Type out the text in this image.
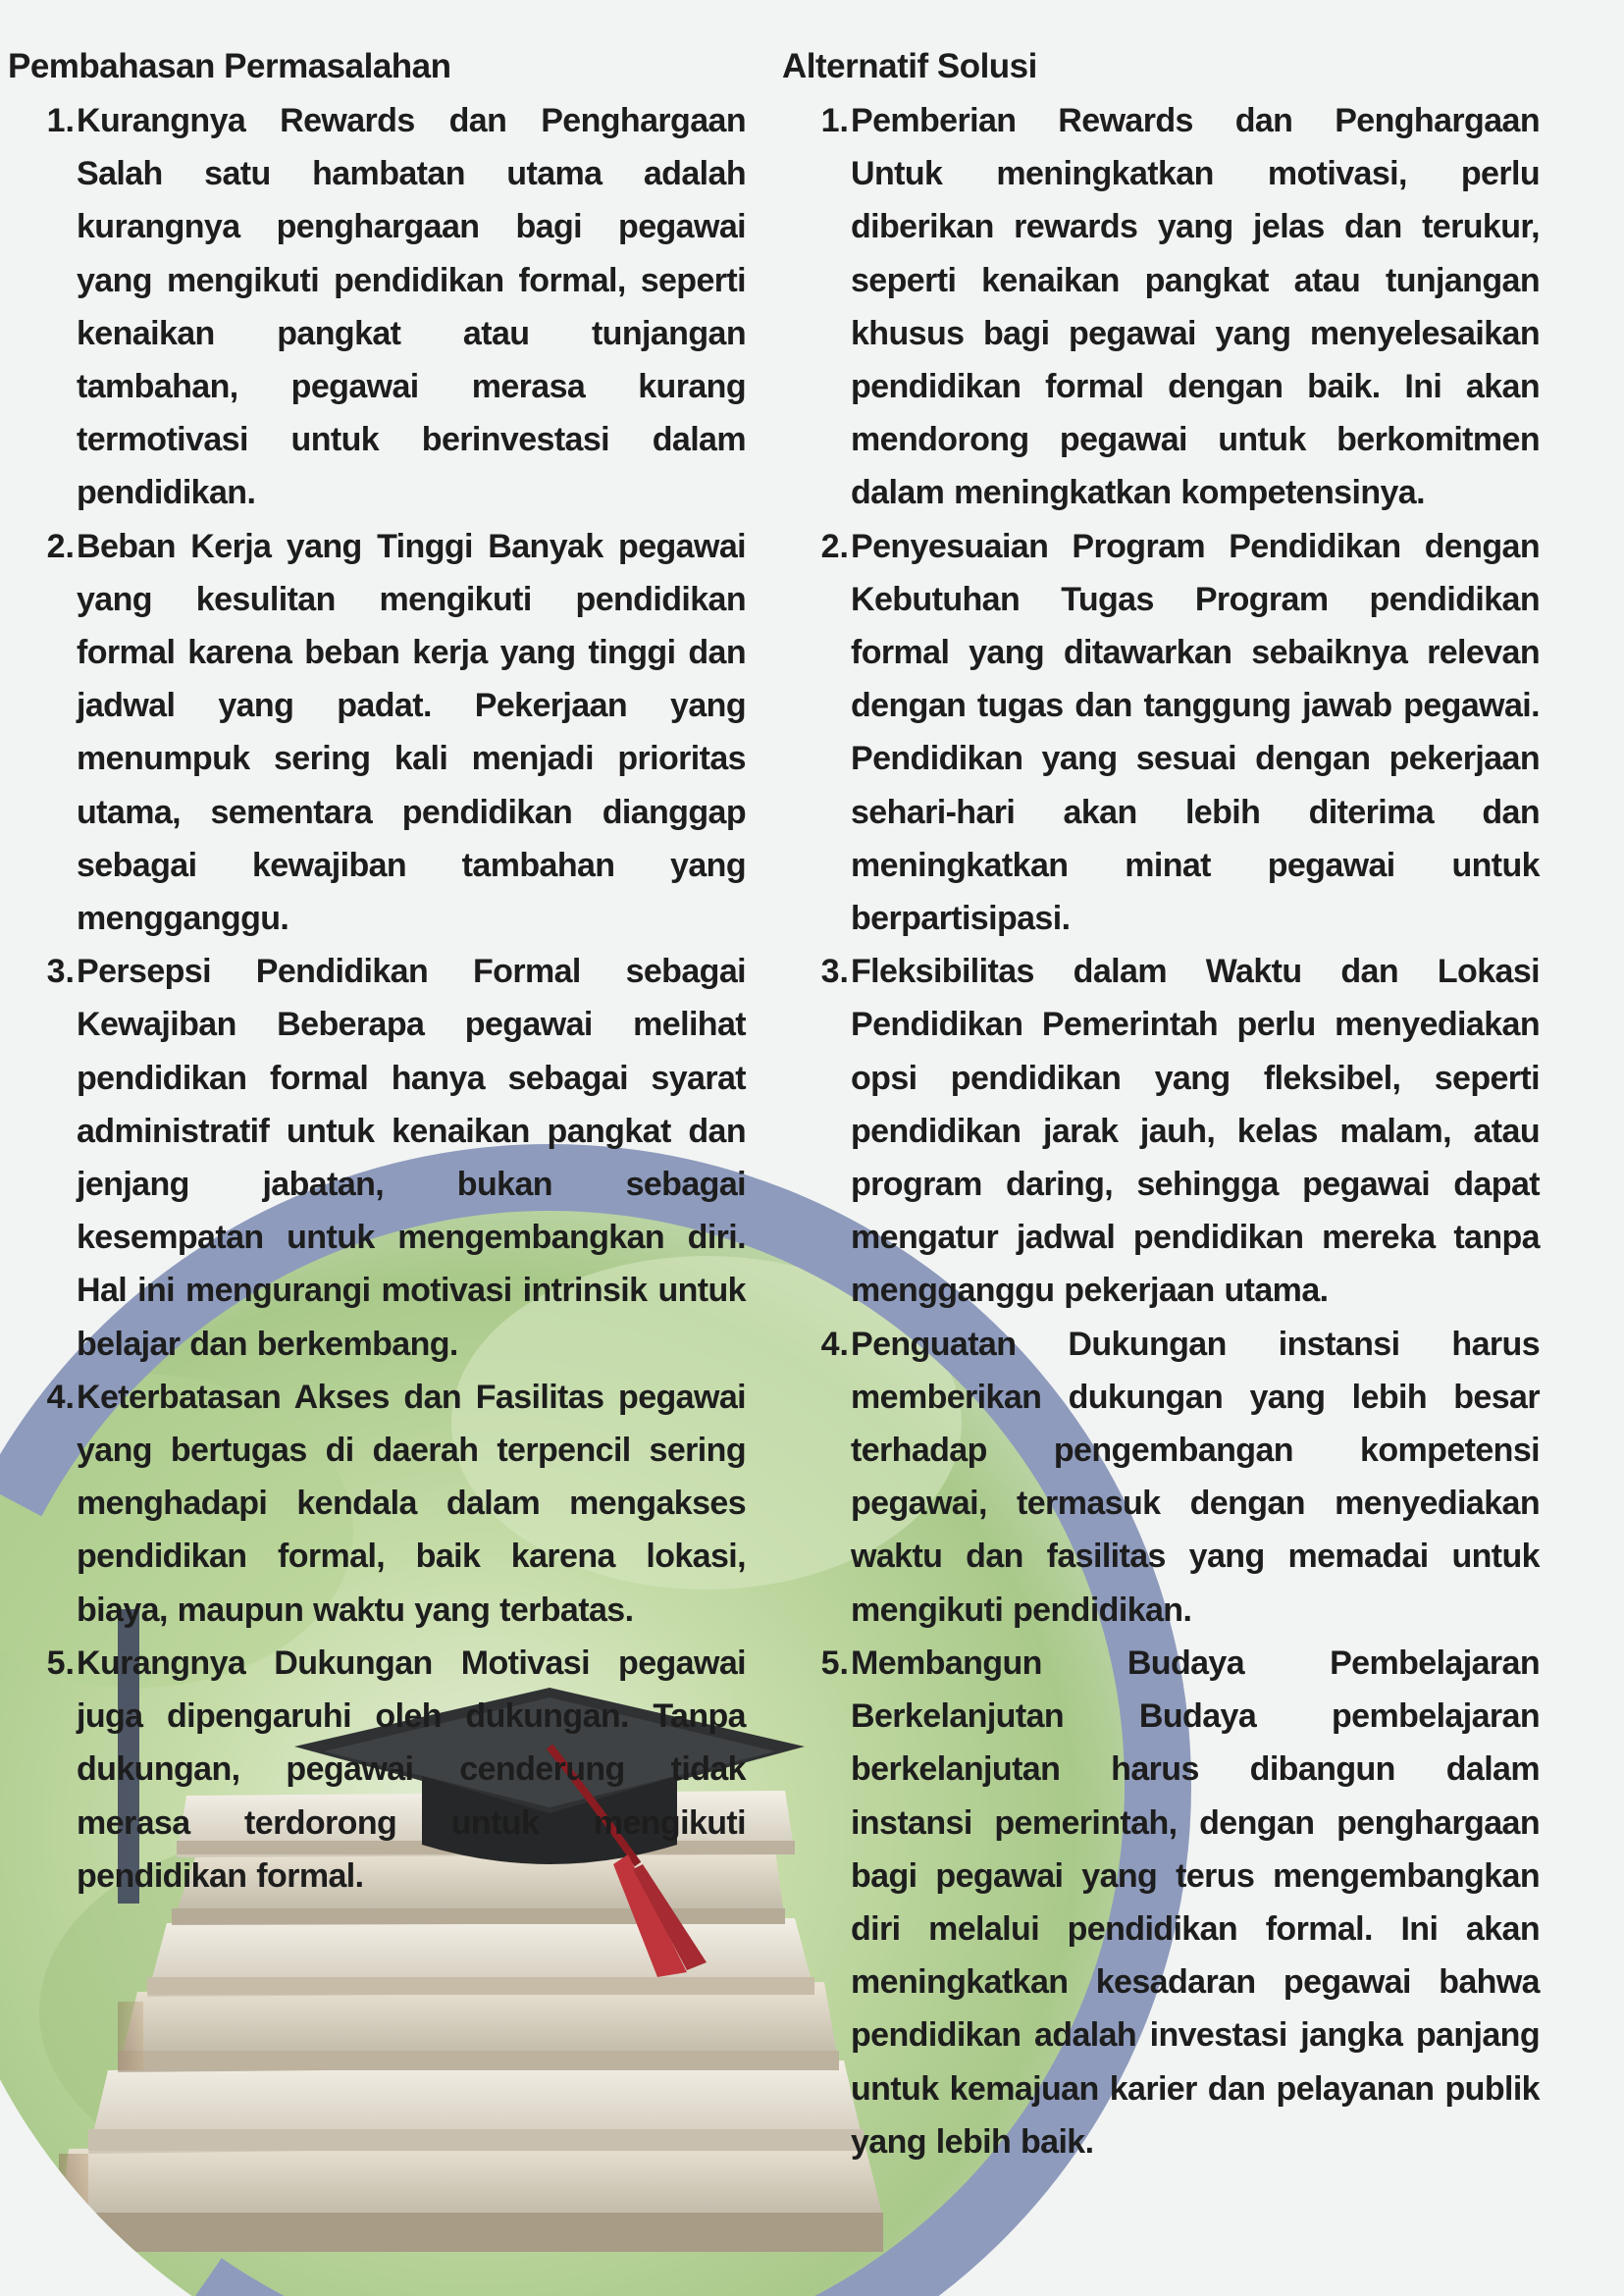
Pembahasan Permasalahan
1. Kurangnya Rewards dan Penghargaan Salah satu hambatan utama adalah kurangnya penghargaan bagi pegawai yang mengikuti pendidikan formal, seperti kenaikan pangkat atau tunjangan tambahan, pegawai merasa kurang termotivasi untuk berinvestasi dalam pendidikan.
2. Beban Kerja yang Tinggi Banyak pegawai yang kesulitan mengikuti pendidikan formal karena beban kerja yang tinggi dan jadwal yang padat. Pekerjaan yang menumpuk sering kali menjadi prioritas utama, sementara pendidikan dianggap sebagai kewajiban tambahan yang mengganggu.
3. Persepsi Pendidikan Formal sebagai Kewajiban Beberapa pegawai melihat pendidikan formal hanya sebagai syarat administratif untuk kenaikan pangkat dan jenjang jabatan, bukan sebagai kesempatan untuk mengembangkan diri. Hal ini mengurangi motivasi intrinsik untuk belajar dan berkembang.
4. Keterbatasan Akses dan Fasilitas pegawai yang bertugas di daerah terpencil sering menghadapi kendala dalam mengakses pendidikan formal, baik karena lokasi, biaya, maupun waktu yang terbatas.
5. Kurangnya Dukungan Motivasi pegawai juga dipengaruhi oleh dukungan. Tanpa dukungan, pegawai cenderung tidak merasa terdorong untuk mengikuti pendidikan formal.
Alternatif Solusi
1. Pemberian Rewards dan Penghargaan Untuk meningkatkan motivasi, perlu diberikan rewards yang jelas dan terukur, seperti kenaikan pangkat atau tunjangan khusus bagi pegawai yang menyelesaikan pendidikan formal dengan baik. Ini akan mendorong pegawai untuk berkomitmen dalam meningkatkan kompetensinya.
2. Penyesuaian Program Pendidikan dengan Kebutuhan Tugas Program pendidikan formal yang ditawarkan sebaiknya relevan dengan tugas dan tanggung jawab pegawai. Pendidikan yang sesuai dengan pekerjaan sehari-hari akan lebih diterima dan meningkatkan minat pegawai untuk berpartisipasi.
3. Fleksibilitas dalam Waktu dan Lokasi Pendidikan Pemerintah perlu menyediakan opsi pendidikan yang fleksibel, seperti pendidikan jarak jauh, kelas malam, atau program daring, sehingga pegawai dapat mengatur jadwal pendidikan mereka tanpa mengganggu pekerjaan utama.
4. Penguatan Dukungan instansi harus memberikan dukungan yang lebih besar terhadap pengembangan kompetensi pegawai, termasuk dengan menyediakan waktu dan fasilitas yang memadai untuk mengikuti pendidikan.
5. Membangun Budaya Pembelajaran Berkelanjutan Budaya pembelajaran berkelanjutan harus dibangun dalam instansi pemerintah, dengan penghargaan bagi pegawai yang terus mengembangkan diri melalui pendidikan formal. Ini akan meningkatkan kesadaran pegawai bahwa pendidikan adalah investasi jangka panjang untuk kemajuan karier dan pelayanan publik yang lebih baik.
